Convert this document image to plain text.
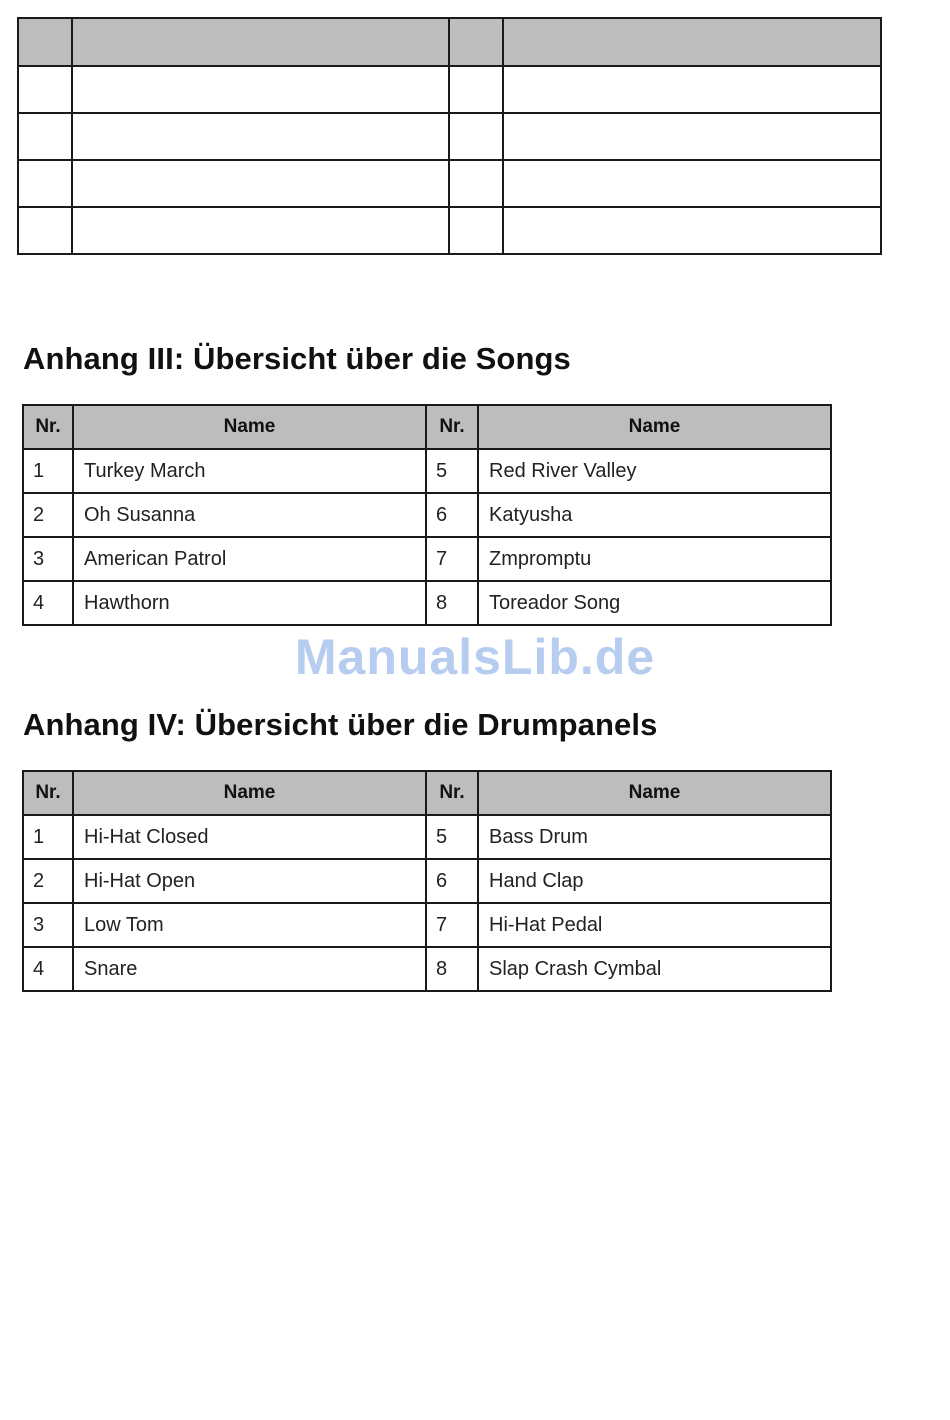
Anhang III: Übersicht über die Songs
Nr.	Name	Nr.	Name
1	Turkey March	5	Red River Valley
2	Oh Susanna	6	Katyusha
3	American Patrol	7	Zmpromptu
4	Hawthorn	8	Toreador Song
ManualsLib.de
Anhang IV: Übersicht über die Drumpanels
Nr.	Name	Nr.	Name
1	Hi-Hat Closed	5	Bass Drum
2	Hi-Hat Open	6	Hand Clap
3	Low Tom	7	Hi-Hat Pedal
4	Snare	8	Slap Crash Cymbal
